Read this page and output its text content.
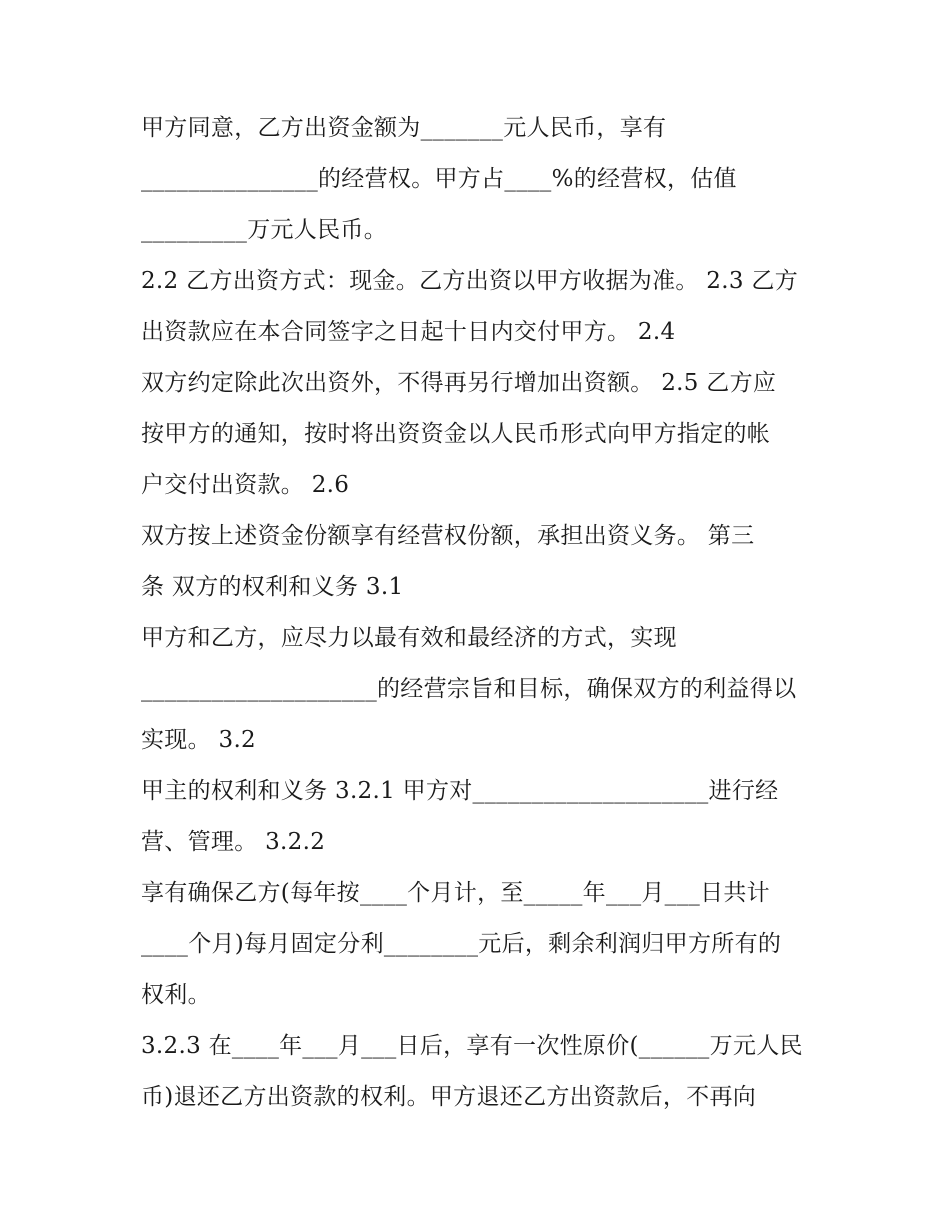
甲方同意，乙方出资金额为_______元人民币，享有
_______________的经营权。甲方占____%的经营权，估值
_________万元人民币。
2.2 乙方出资方式：现金。乙方出资以甲方收据为准。 2.3 乙方
出资款应在本合同签字之日起十日内交付甲方。 2.4
双方约定除此次出资外，不得再另行增加出资额。 2.5 乙方应
按甲方的通知，按时将出资资金以人民币形式向甲方指定的帐
户交付出资款。 2.6
双方按上述资金份额享有经营权份额，承担出资义务。 第三
条 双方的权利和义务 3.1
甲方和乙方，应尽力以最有效和最经济的方式，实现
____________________的经营宗旨和目标，确保双方的利益得以
实现。 3.2
甲主的权利和义务 3.2.1 甲方对____________________进行经
营、管理。 3.2.2
享有确保乙方(每年按____个月计，至_____年___月___日共计
____个月)每月固定分利________元后，剩余利润归甲方所有的
权利。
3.2.3 在____年___月___日后，享有一次性原价(______万元人民
币)退还乙方出资款的权利。甲方退还乙方出资款后，不再向
